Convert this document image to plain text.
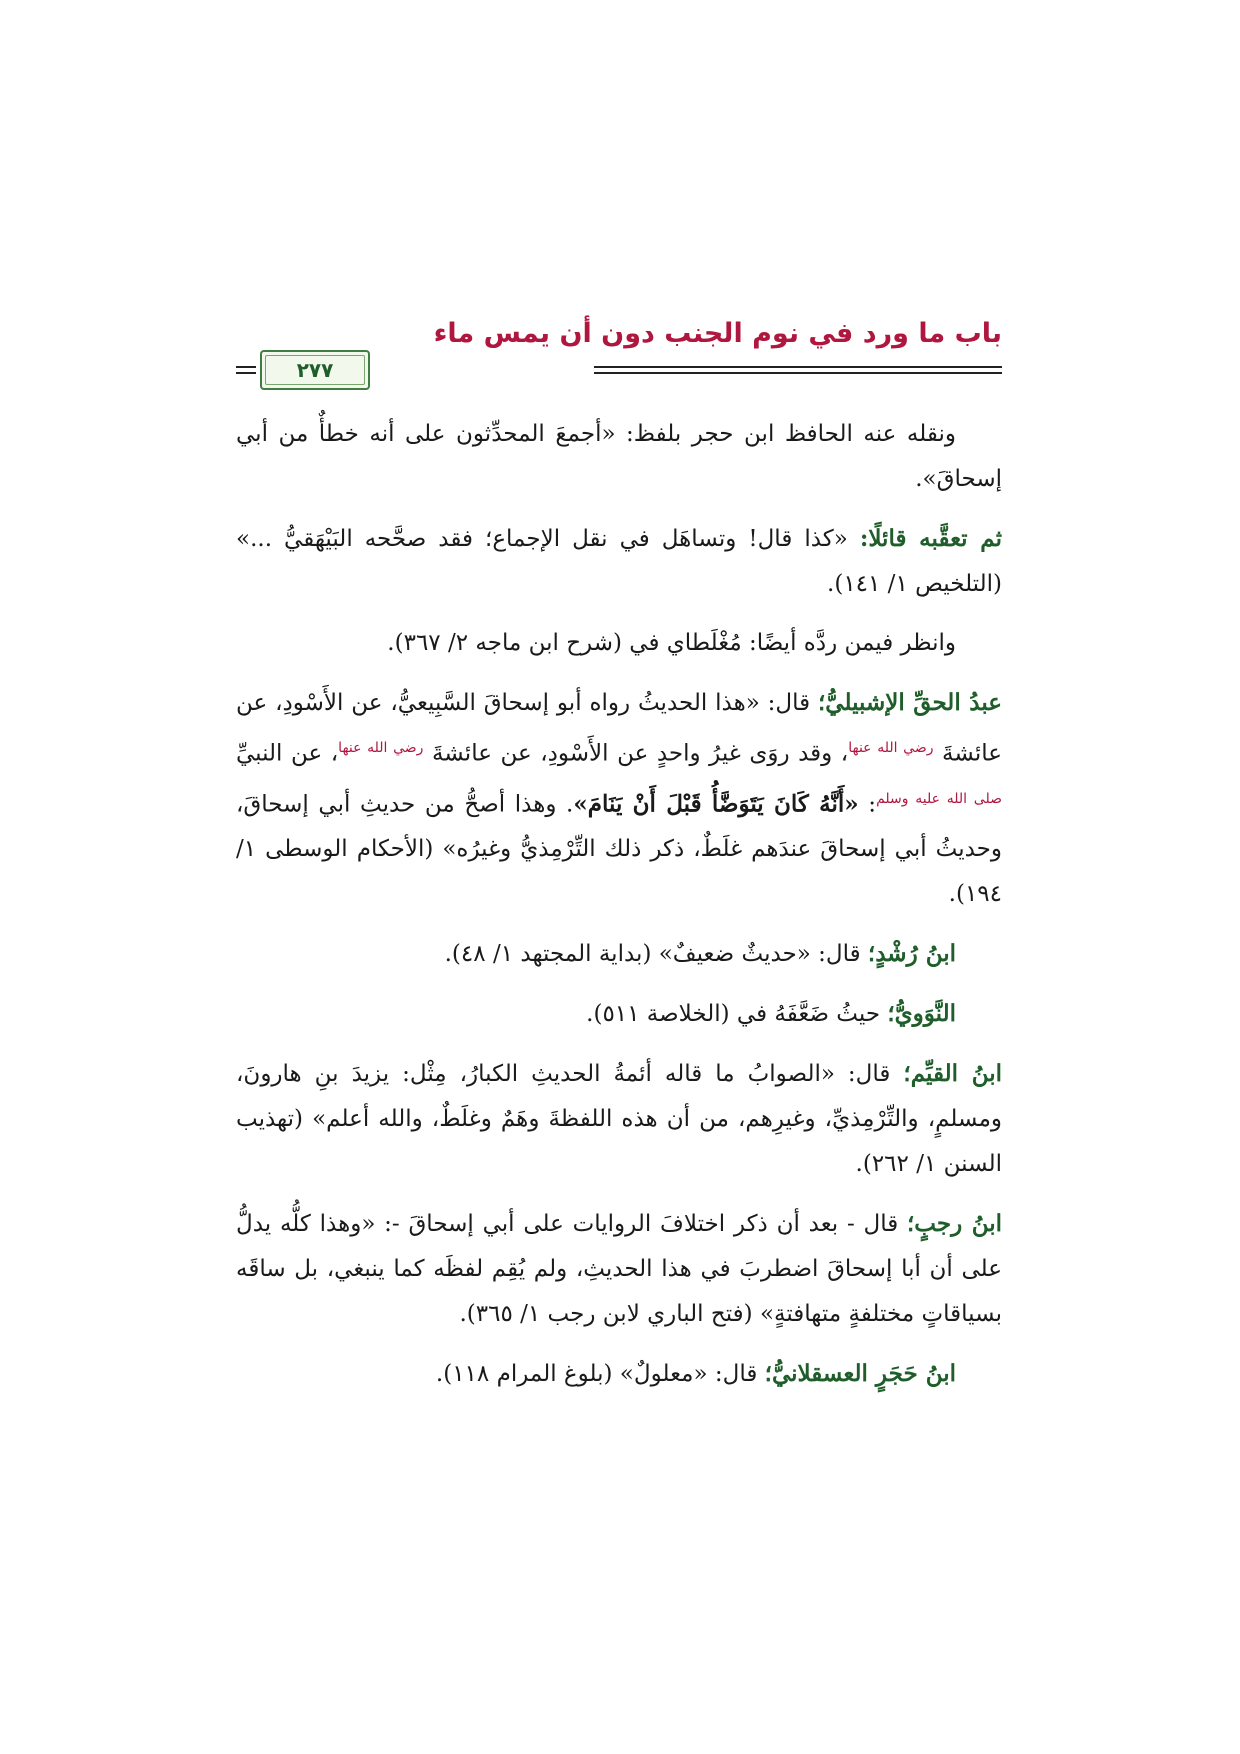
باب ما ورد في نوم الجنب دون أن يمس ماء
٢٧٧

ونقله عنه الحافظ ابن حجر بلفظ: «أجمعَ المحدِّثون على أنه خطأٌ من أبي إسحاقَ».

ثم تعقَّبه قائلًا: «كذا قال! وتساهَل في نقل الإجماع؛ فقد صحَّحه البَيْهَقيُّ ...» (التلخيص ١/ ١٤١).

وانظر فيمن ردَّه أيضًا: مُغْلَطاي في (شرح ابن ماجه ٢/ ٣٦٧).

عبدُ الحقِّ الإشبيليُّ؛ قال: «هذا الحديثُ رواه أبو إسحاقَ السَّبِيعيُّ، عن الأَسْودِ، عن عائشةَ $^{رضي الله عنها}$، وقد روَى غيرُ واحدٍ عن الأَسْودِ، عن عائشةَ $^{رضي الله عنها}$، عن النبيِّ $^{صلى الله عليه وسلم}$: «أَنَّهُ كَانَ يَتَوَضَّأُ قَبْلَ أَنْ يَنَامَ». وهذا أصحُّ من حديثِ أبي إسحاقَ، وحديثُ أبي إسحاقَ عندَهم غلَطٌ، ذكر ذلك التِّرْمِذيُّ وغيرُه» (الأحكام الوسطى ١/ ١٩٤).

ابنُ رُشْدٍ؛ قال: «حديثٌ ضعيفٌ» (بداية المجتهد ١/ ٤٨).

النَّوَويُّ؛ حيثُ ضَعَّفَهُ في (الخلاصة ٥١١).

ابنُ القيِّم؛ قال: «الصوابُ ما قاله أئمةُ الحديثِ الكبارُ، مِثْل: يزيدَ بنِ هارونَ، ومسلمٍ، والتِّرْمِذيِّ، وغيرِهم، من أن هذه اللفظةَ وهَمٌ وغلَطٌ، والله أعلم» (تهذيب السنن ١/ ٢٦٢).

ابنُ رجبٍ؛ قال - بعد أن ذكر اختلافَ الروايات على أبي إسحاقَ -: «وهذا كلُّه يدلُّ على أن أبا إسحاقَ اضطربَ في هذا الحديثِ، ولم يُقِم لفظَه كما ينبغي، بل ساقَه بسياقاتٍ مختلفةٍ متهافتةٍ» (فتح الباري لابن رجب ١/ ٣٦٥).

ابنُ حَجَرٍ العسقلانيُّ؛ قال: «معلولٌ» (بلوغ المرام ١١٨).
